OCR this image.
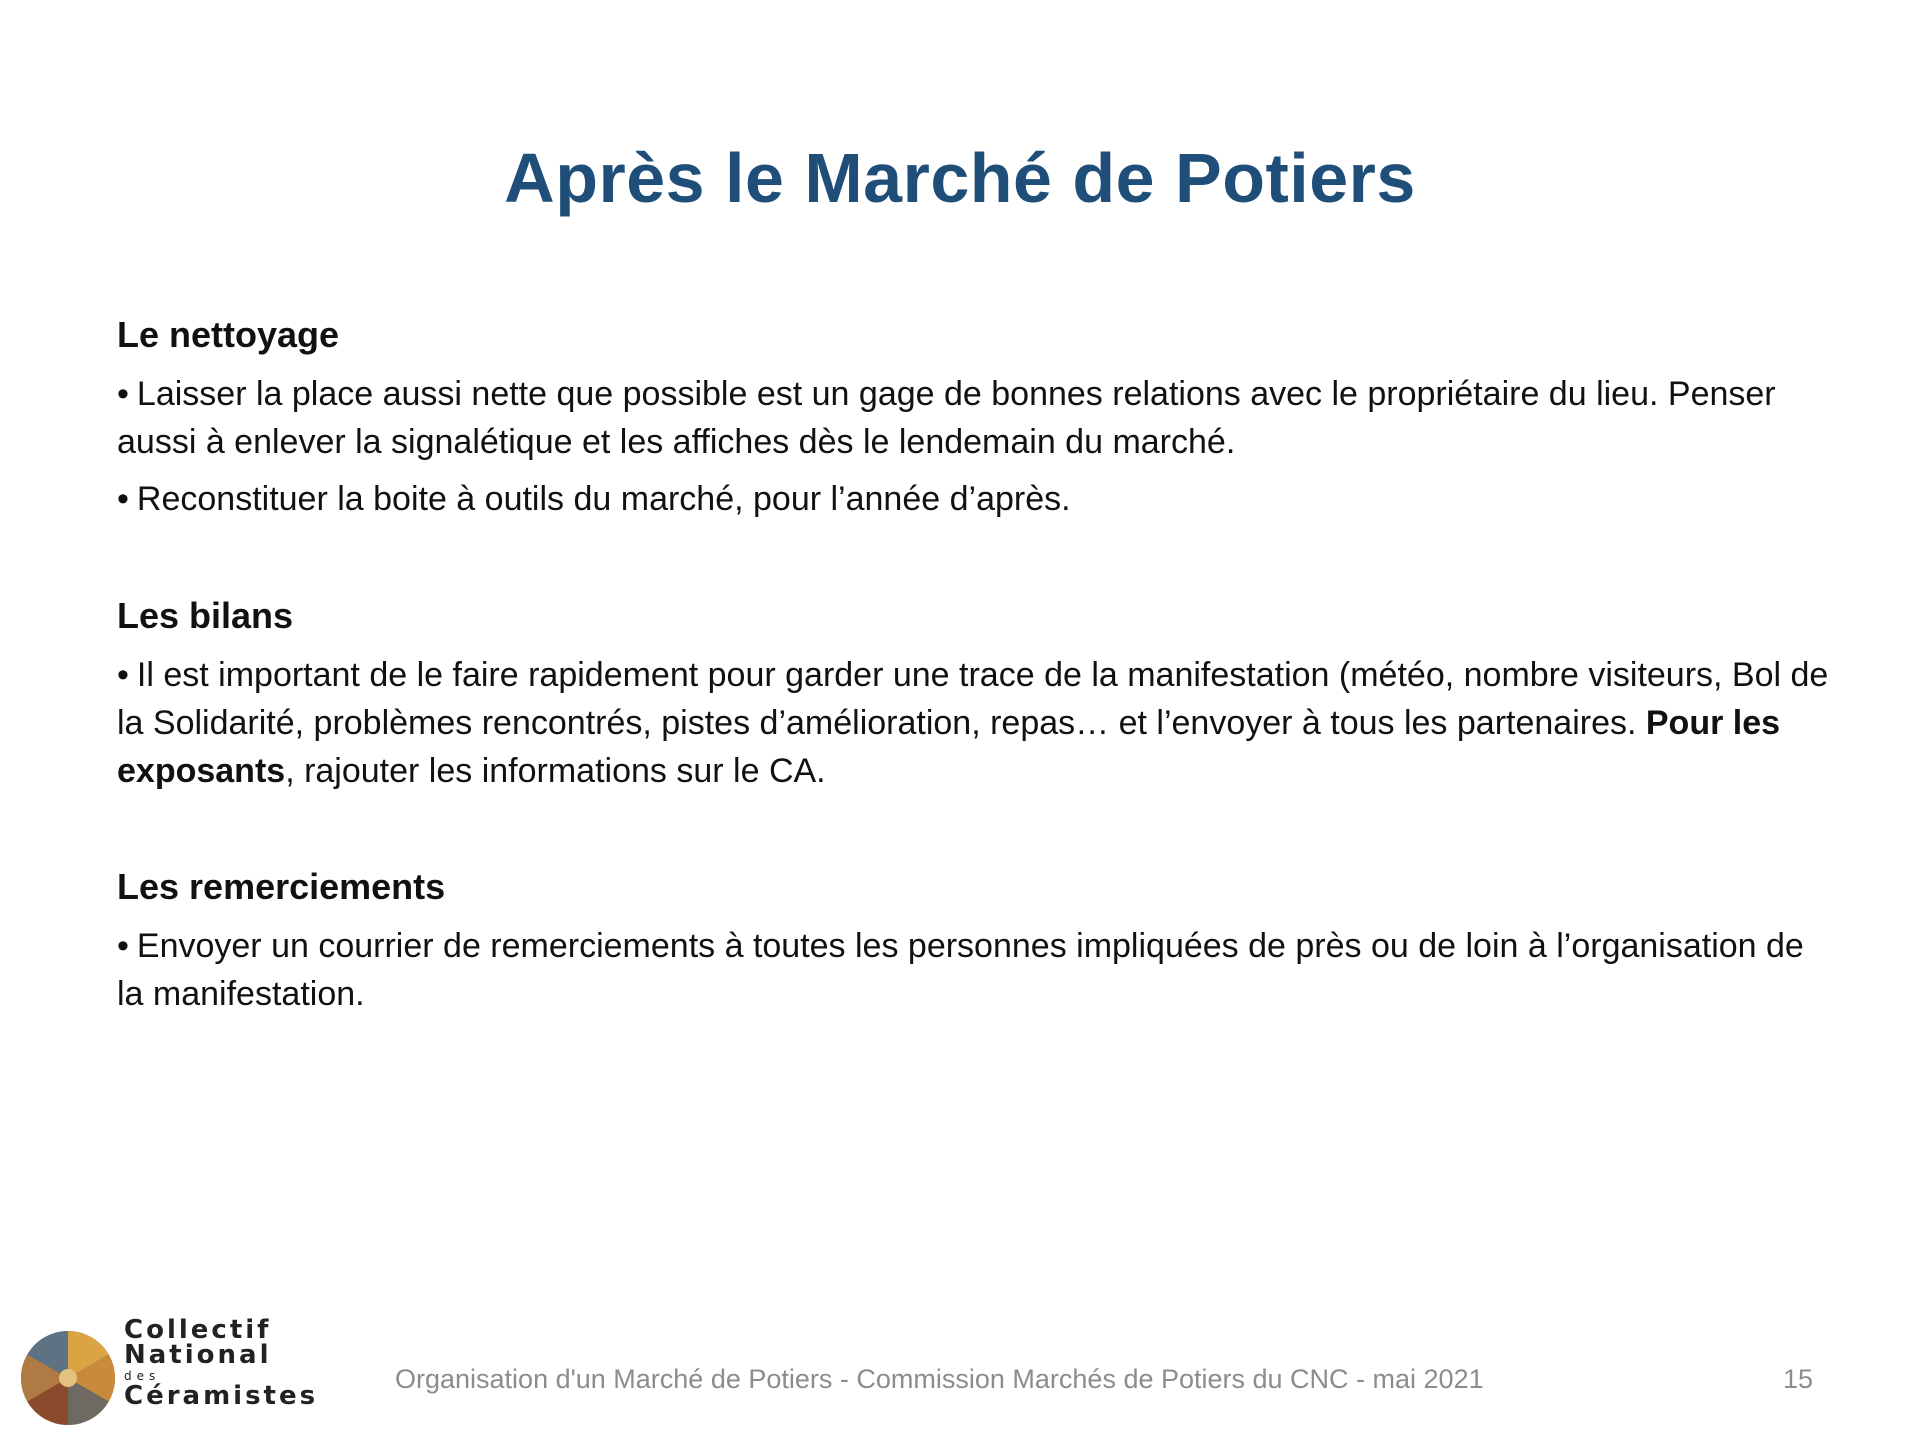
Après le Marché de Potiers

Le nettoyage

• Laisser la place aussi nette que possible est un gage de bonnes relations avec le propriétaire du lieu. Penser aussi à enlever la signalétique et les affiches dès le lendemain du marché.

• Reconstituer la boite à outils du marché, pour l’année d’après.

Les bilans

• Il est important de le faire rapidement pour garder une trace de la manifestation (météo, nombre visiteurs, Bol de la Solidarité, problèmes rencontrés, pistes d’amélioration, repas… et l’envoyer à tous les partenaires. Pour les exposants, rajouter les informations sur le CA.

Les remerciements

• Envoyer un courrier de remerciements à toutes les personnes impliquées de près ou de loin à l’organisation de la manifestation.

Collectif
National
des
Céramistes
Organisation d'un Marché de Potiers - Commission Marchés de Potiers du CNC - mai 2021	15
